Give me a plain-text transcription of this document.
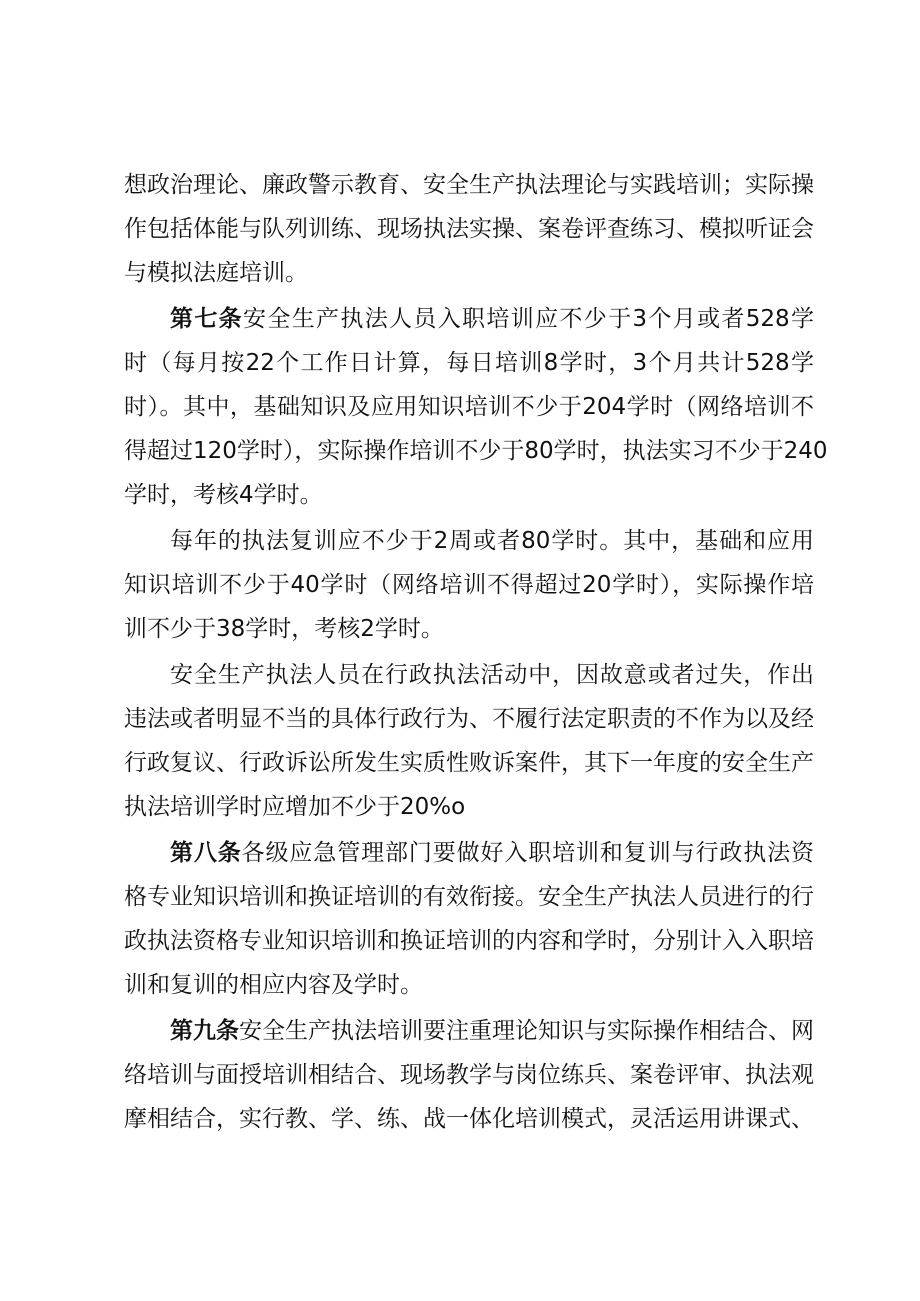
想政治理论、廉政警示教育、安全生产执法理论与实践培训；实际操
作包括体能与队列训练、现场执法实操、案卷评查练习、模拟听证会
与模拟法庭培训。
第七条安全生产执法人员入职培训应不少于3个月或者528学
时（每月按22个工作日计算，每日培训8学时，3个月共计528学
时）。其中，基础知识及应用知识培训不少于204学时（网络培训不
得超过120学时），实际操作培训不少于80学时，执法实习不少于240
学时，考核4学时。
每年的执法复训应不少于2周或者80学时。其中，基础和应用
知识培训不少于40学时（网络培训不得超过20学时），实际操作培
训不少于38学时，考核2学时。
安全生产执法人员在行政执法活动中，因故意或者过失，作出
违法或者明显不当的具体行政行为、不履行法定职责的不作为以及经
行政复议、行政诉讼所发生实质性败诉案件，其下一年度的安全生产
执法培训学时应增加不少于20%o
第八条各级应急管理部门要做好入职培训和复训与行政执法资
格专业知识培训和换证培训的有效衔接。安全生产执法人员进行的行
政执法资格专业知识培训和换证培训的内容和学时，分别计入入职培
训和复训的相应内容及学时。
第九条安全生产执法培训要注重理论知识与实际操作相结合、网
络培训与面授培训相结合、现场教学与岗位练兵、案卷评审、执法观
摩相结合，实行教、学、练、战一体化培训模式，灵活运用讲课式、
